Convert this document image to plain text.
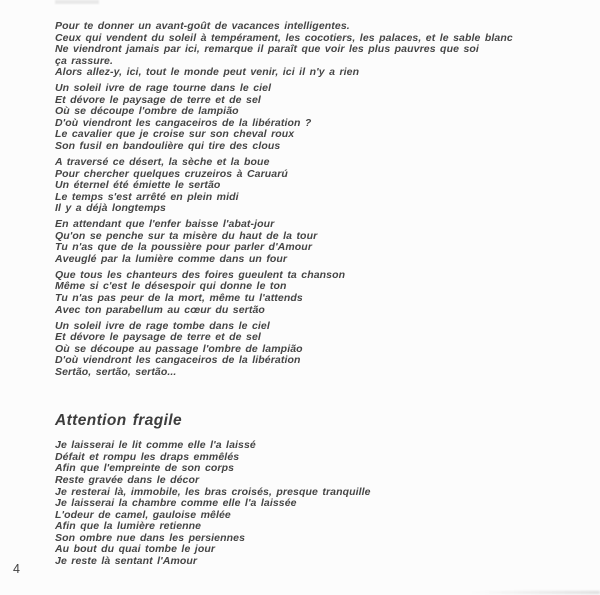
Pour te donner un avant-goût de vacances intelligentes.
Ceux qui vendent du soleil à tempérament, les cocotiers, les palaces, et le sable blanc
Ne viendront jamais par ici, remarque il paraît que voir les plus pauvres que soi
ça rassure.
Alors allez-y, ici, tout le monde peut venir, ici il n'y a rien
Un soleil ivre de rage tourne dans le ciel
Et dévore le paysage de terre et de sel
Où se découpe l'ombre de lampião
D'où viendront les cangaceiros de la libération ?
Le cavalier que je croise sur son cheval roux
Son fusil en bandoulière qui tire des clous
A traversé ce désert, la sèche et la boue
Pour chercher quelques cruzeiros à Caruarú
Un éternel été émiette le sertão
Le temps s'est arrêté en plein midi
Il y a déjà longtemps
En attendant que l'enfer baisse l'abat-jour
Qu'on se penche sur ta misère du haut de la tour
Tu n'as que de la poussière pour parler d'Amour
Aveuglé par la lumière comme dans un four
Que tous les chanteurs des foires gueulent ta chanson
Même si c'est le désespoir qui donne le ton
Tu n'as pas peur de la mort, même tu l'attends
Avec ton parabellum au cœur du sertão
Un soleil ivre de rage tombe dans le ciel
Et dévore le paysage de terre et de sel
Où se découpe au passage l'ombre de lampião
D'où viendront les cangaceiros de la libération
Sertão, sertão, sertão...
Attention fragile
Je laisserai le lit comme elle l'a laissé
Défait et rompu les draps emmêlés
Afin que l'empreinte de son corps
Reste gravée dans le décor
Je resterai là, immobile, les bras croisés, presque tranquille
Je laisserai la chambre comme elle l'a laissée
L'odeur de camel, gauloise mêlée
Afin que la lumière retienne
Son ombre nue dans les persiennes
Au bout du quai tombe le jour
Je reste là sentant l'Amour
4
